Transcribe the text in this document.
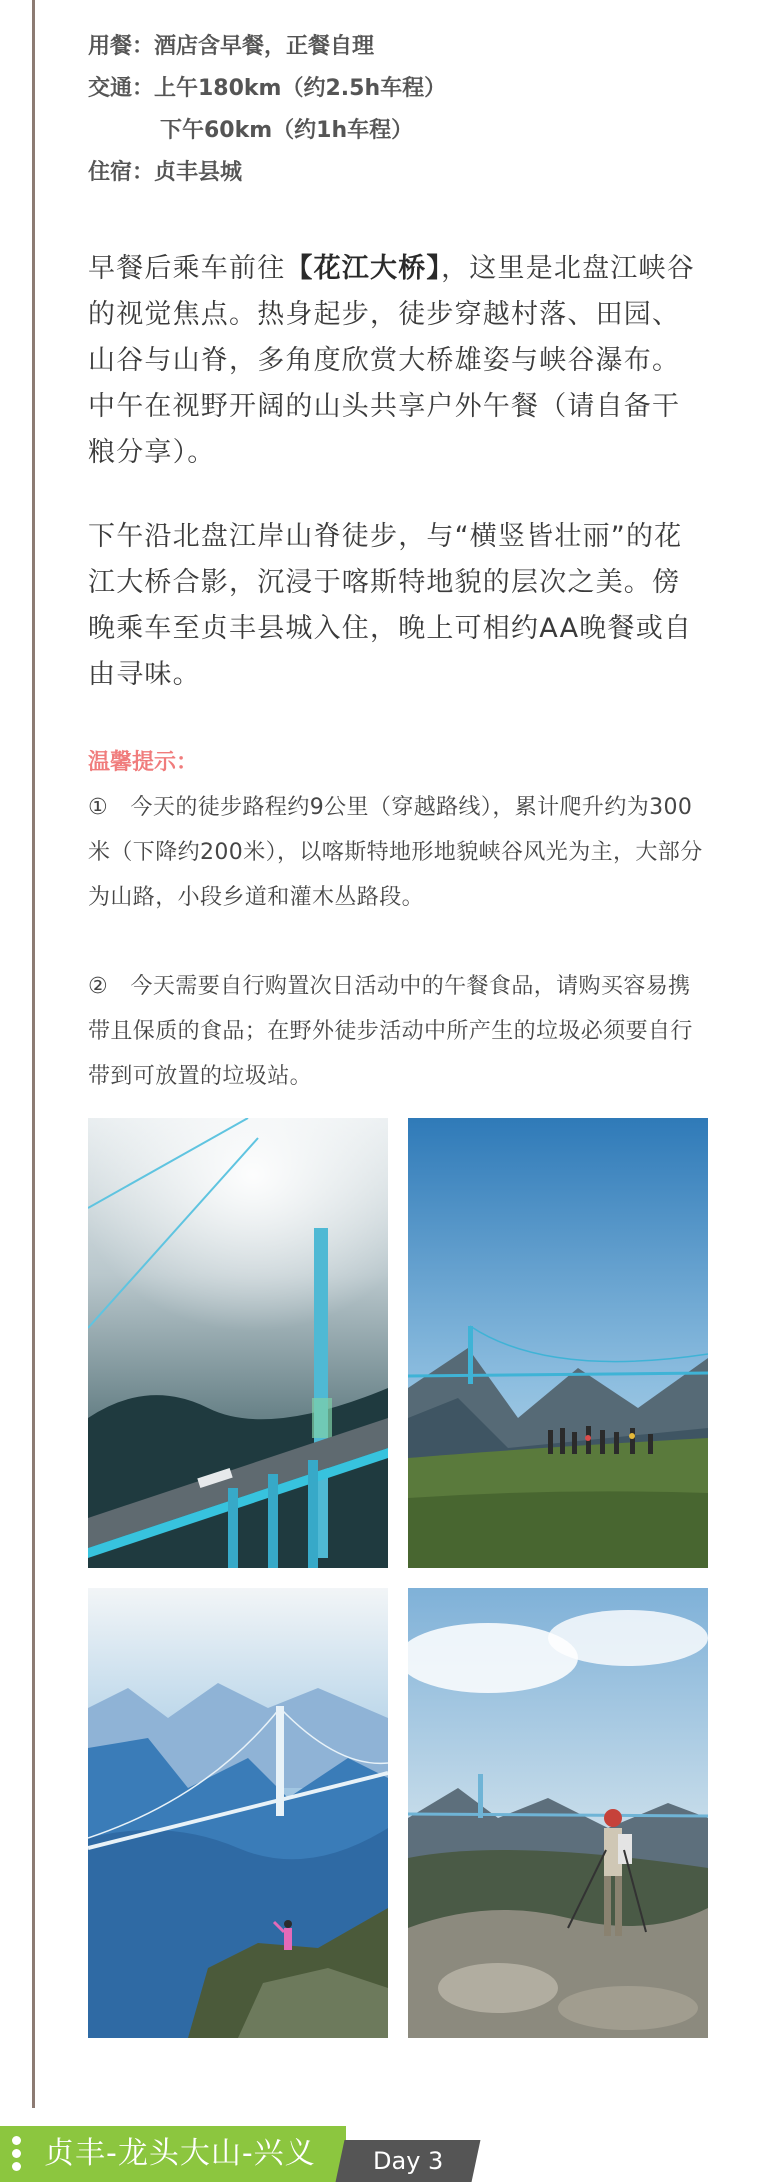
用餐：酒店含早餐，正餐自理
交通：上午180km（约2.5h车程）
下午60km（约1h车程）
住宿：贞丰县城

早餐后乘车前往【花江大桥】，这里是北盘江峡谷的视觉焦点。热身起步，徒步穿越村落、田园、山谷与山脊，多角度欣赏大桥雄姿与峡谷瀑布。中午在视野开阔的山头共享户外午餐（请自备干粮分享）。

下午沿北盘江岸山脊徒步，与“横竖皆壮丽”的花江大桥合影，沉浸于喀斯特地貌的层次之美。傍晚乘车至贞丰县城入住，晚上可相约AA晚餐或自由寻味。

温馨提示：

①　今天的徒步路程约9公里（穿越路线），累计爬升约为300米（下降约200米），以喀斯特地形地貌峡谷风光为主，大部分为山路，小段乡道和灌木丛路段。

②　今天需要自行购置次日活动中的午餐食品，请购买容易携带且保质的食品；在野外徒步活动中所产生的垃圾必须要自行带到可放置的垃圾站。

贞丰-龙头大山-兴义	Day 3
